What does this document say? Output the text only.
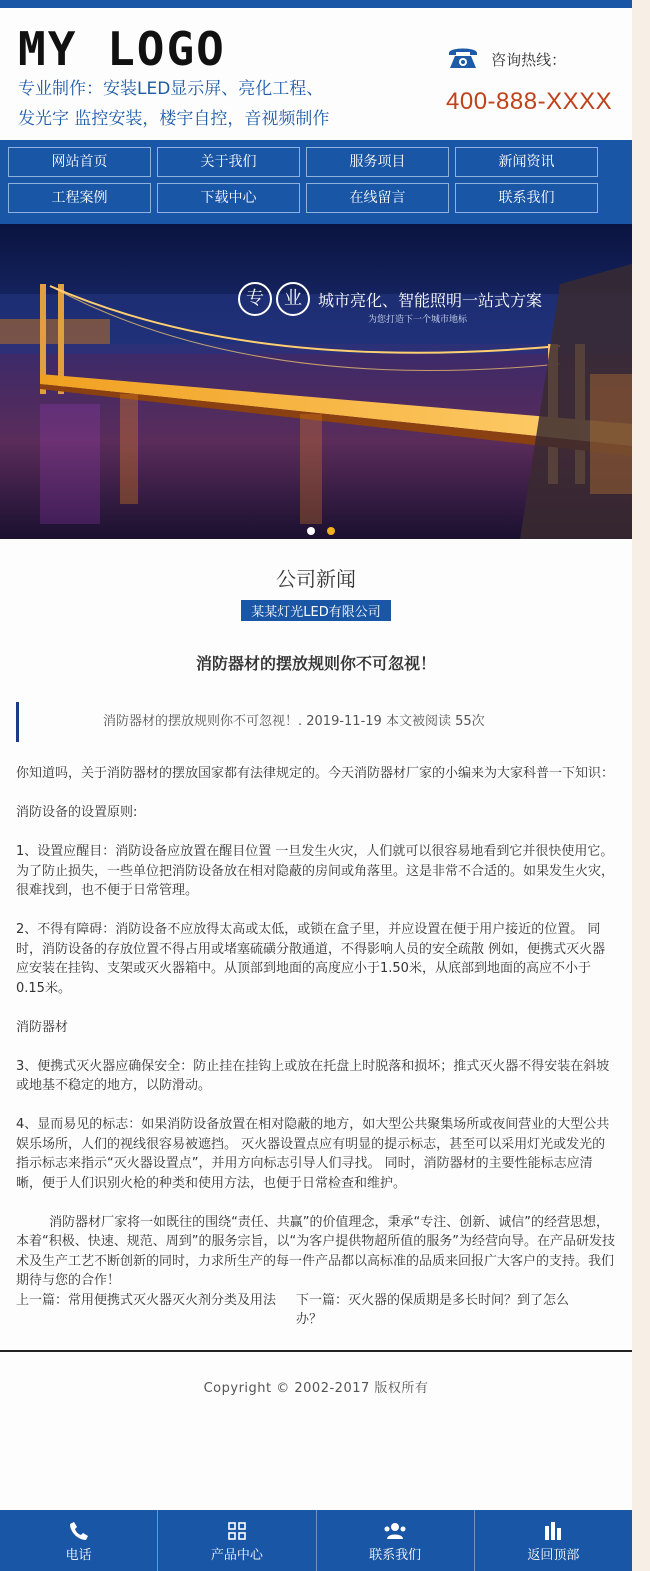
MY LOGO
专业制作：安装LED显示屏、亮化工程、
发光字 监控安装，楼宇自控，音视频制作
咨询热线：
400-888-XXXX
网站首页	关于我们	服务项目	新闻资讯
工程案例	下载中心	在线留言	联系我们
专	业	城市亮化、智能照明一站式方案
为您打造下一个城市地标
公司新闻
某某灯光LED有限公司
消防器材的摆放规则你不可忽视！
消防器材的摆放规则你不可忽视！. 2019-11-19 本文被阅读 55次

你知道吗，关于消防器材的摆放国家都有法律规定的。今天消防器材厂家的小编来为大家科普一下知识：

消防设备的设置原则:

1、设置应醒目：消防设备应放置在醒目位置 一旦发生火灾，人们就可以很容易地看到它并很快使用它。 为了防止损失，一些单位把消防设备放在相对隐蔽的房间或角落里。这是非常不合适的。如果发生火灾，很难找到，也不便于日常管理。

2、不得有障碍：消防设备不应放得太高或太低，或锁在盒子里，并应设置在便于用户接近的位置。 同时，消防设备的存放位置不得占用或堵塞硫磺分散通道，不得影响人员的安全疏散 例如，便携式灭火器应安装在挂钩、支架或灭火器箱中。从顶部到地面的高度应小于1.50米，从底部到地面的高应不小于0.15米。

消防器材

3、便携式灭火器应确保安全：防止挂在挂钩上或放在托盘上时脱落和损坏；推式灭火器不得安装在斜坡或地基不稳定的地方，以防滑动。

4、显而易见的标志：如果消防设备放置在相对隐蔽的地方，如大型公共聚集场所或夜间营业的大型公共娱乐场所，人们的视线很容易被遮挡。 灭火器设置点应有明显的提示标志，甚至可以采用灯光或发光的指示标志来指示“灭火器设置点”，并用方向标志引导人们寻找。 同时，消防器材的主要性能标志应清晰，便于人们识别火枪的种类和使用方法，也便于日常检查和维护。

消防器材厂家将一如既往的围绕“责任、共赢”的价值理念，秉承“专注、创新、诚信”的经营思想，本着“积极、快速、规范、周到”的服务宗旨，以“为客户提供物超所值的服务”为经营向导。在产品研发技术及生产工艺不断创新的同时，力求所生产的每一件产品都以高标准的品质来回报广大客户的支持。我们期待与您的合作！

上一篇：常用便携式灭火器灭火剂分类及用法	下一篇：灭火器的保质期是多长时间？到了怎么办？
Copyright © 2002-2017 版权所有
电话	产品中心	联系我们	返回顶部
